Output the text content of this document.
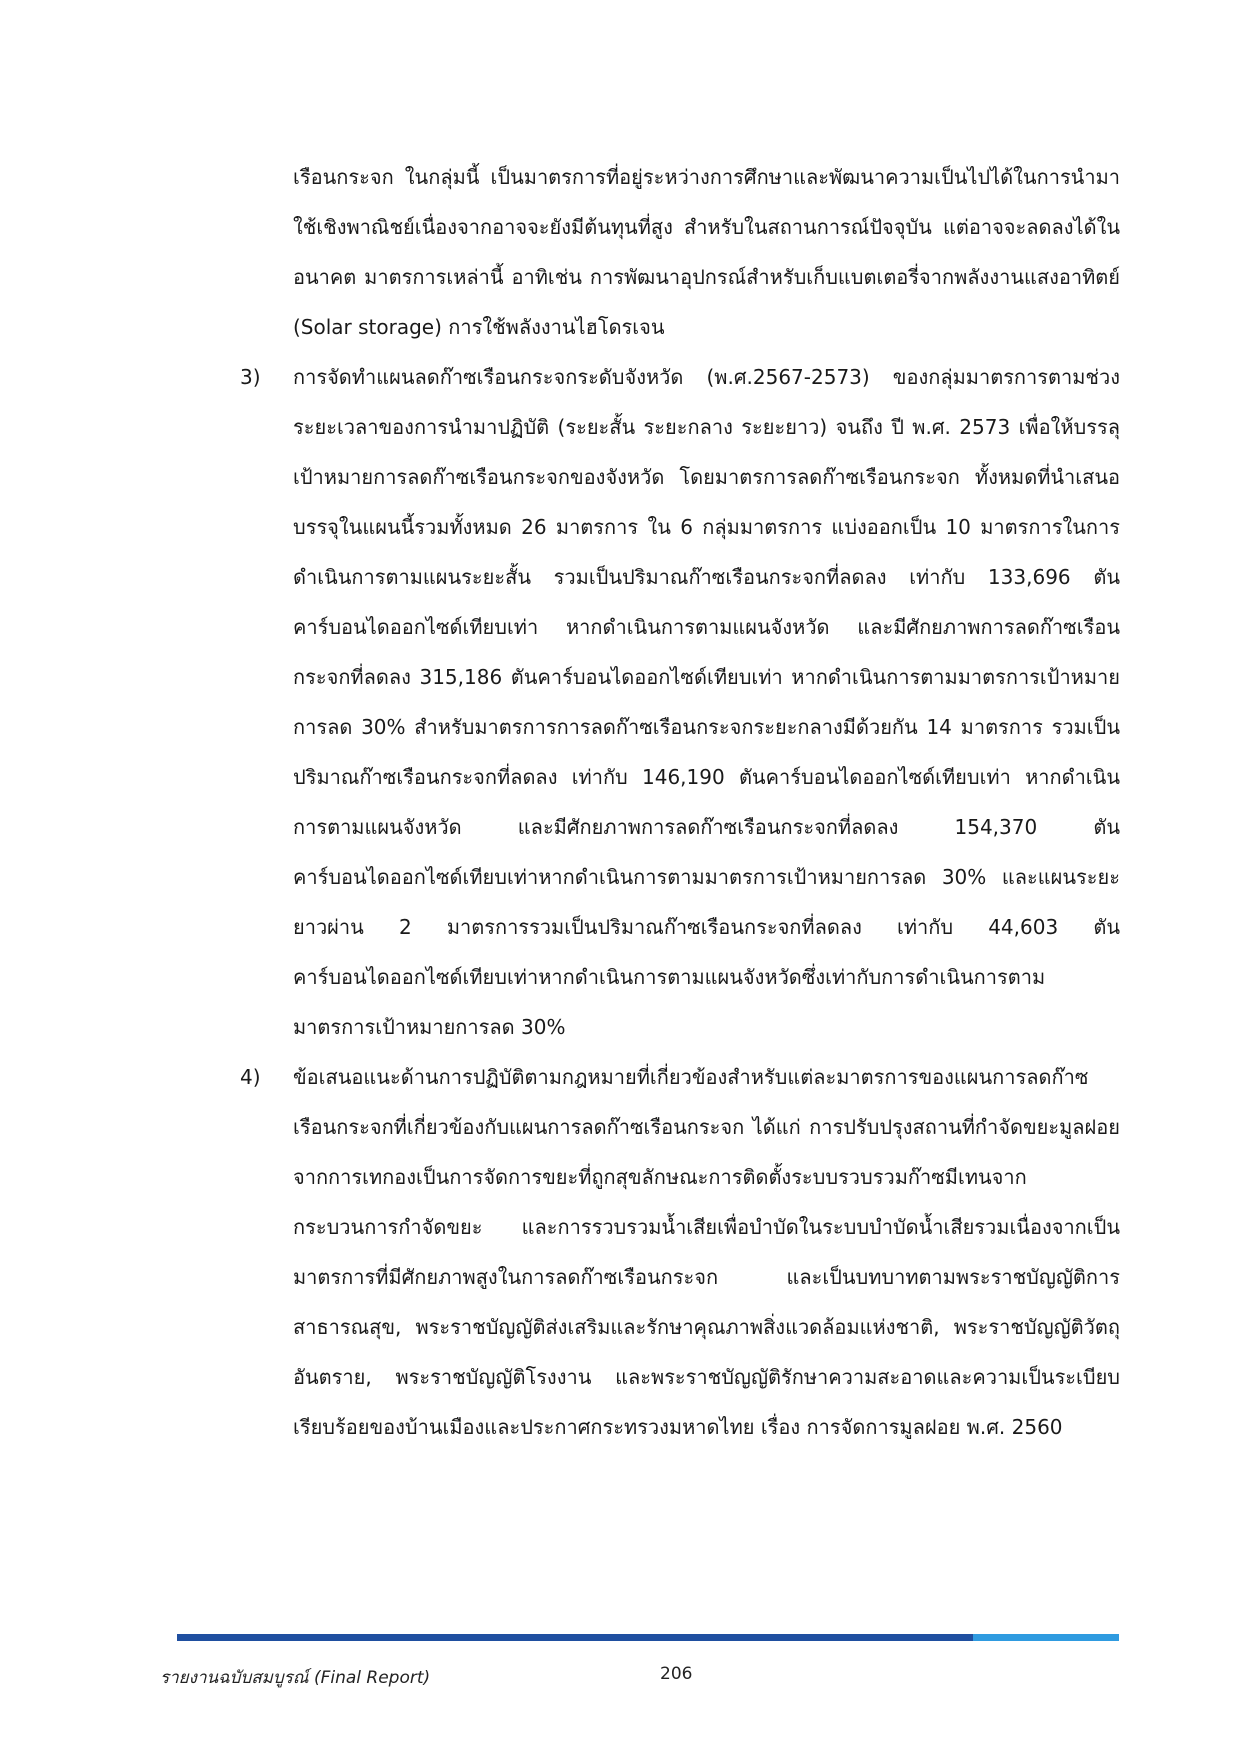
เรือนกระจก ในกลุ่มนี้ เป็นมาตรการที่อยู่ระหว่างการศึกษาและพัฒนาความเป็นไปได้ในการนำมาใช้เชิงพาณิชย์เนื่องจากอาจจะยังมีต้นทุนที่สูง สำหรับในสถานการณ์ปัจจุบัน แต่อาจจะลดลงได้ในอนาคต มาตรการเหล่านี้ อาทิเช่น การพัฒนาอุปกรณ์สำหรับเก็บแบตเตอรี่จากพลังงานแสงอาทิตย์ (Solar storage) การใช้พลังงานไฮโดรเจน

3)	การจัดทำแผนลดก๊าซเรือนกระจกระดับจังหวัด (พ.ศ.2567-2573) ของกลุ่มมาตรการตามช่วงระยะเวลาของการนำมาปฏิบัติ (ระยะสั้น ระยะกลาง ระยะยาว) จนถึง ปี พ.ศ. 2573 เพื่อให้บรรลุเป้าหมายการลดก๊าซเรือนกระจกของจังหวัด โดยมาตรการลดก๊าซเรือนกระจก ทั้งหมดที่นำเสนอบรรจุในแผนนี้รวมทั้งหมด 26 มาตรการ ใน 6 กลุ่มมาตรการ แบ่งออกเป็น 10 มาตรการในการดำเนินการตามแผนระยะสั้น รวมเป็นปริมาณก๊าซเรือนกระจกที่ลดลง เท่ากับ 133,696 ตันคาร์บอนไดออกไซด์เทียบเท่า หากดำเนินการตามแผนจังหวัด และมีศักยภาพการลดก๊าซเรือนกระจกที่ลดลง 315,186 ตันคาร์บอนไดออกไซด์เทียบเท่า หากดำเนินการตามมาตรการเป้าหมายการลด 30% สำหรับมาตรการการลดก๊าซเรือนกระจกระยะกลางมีด้วยกัน 14 มาตรการ รวมเป็นปริมาณก๊าซเรือนกระจกที่ลดลง เท่ากับ 146,190 ตันคาร์บอนไดออกไซด์เทียบเท่า หากดำเนินการตามแผนจังหวัด และมีศักยภาพการลดก๊าซเรือนกระจกที่ลดลง 154,370 ตันคาร์บอนไดออกไซด์เทียบเท่าหากดำเนินการตามมาตรการเป้าหมายการลด 30% และแผนระยะยาวผ่าน 2 มาตรการรวมเป็นปริมาณก๊าซเรือนกระจกที่ลดลง เท่ากับ 44,603 ตันคาร์บอนไดออกไซด์เทียบเท่าหากดำเนินการตามแผนจังหวัดซึ่งเท่ากับการดำเนินการตามมาตรการเป้าหมายการลด 30%
4)	ข้อเสนอแนะด้านการปฏิบัติตามกฎหมายที่เกี่ยวข้องสำหรับแต่ละมาตรการของแผนการลดก๊าซเรือนกระจกที่เกี่ยวข้องกับแผนการลดก๊าซเรือนกระจก ได้แก่ การปรับปรุงสถานที่กำจัดขยะมูลฝอยจากการเทกองเป็นการจัดการขยะที่ถูกสุขลักษณะการติดตั้งระบบรวบรวมก๊าซมีเทนจากกระบวนการกำจัดขยะ และการรวบรวมน้ำเสียเพื่อบำบัดในระบบบำบัดน้ำเสียรวมเนื่องจากเป็นมาตรการที่มีศักยภาพสูงในการลดก๊าซเรือนกระจก และเป็นบทบาทตามพระราชบัญญัติการสาธารณสุข, พระราชบัญญัติส่งเสริมและรักษาคุณภาพสิ่งแวดล้อมแห่งชาติ, พระราชบัญญัติวัตถุอันตราย, พระราชบัญญัติโรงงาน และพระราชบัญญัติรักษาความสะอาดและความเป็นระเบียบเรียบร้อยของบ้านเมืองและประกาศกระทรวงมหาดไทย เรื่อง การจัดการมูลฝอย พ.ศ. 2560
รายงานฉบับสมบูรณ์ (Final Report)	206
